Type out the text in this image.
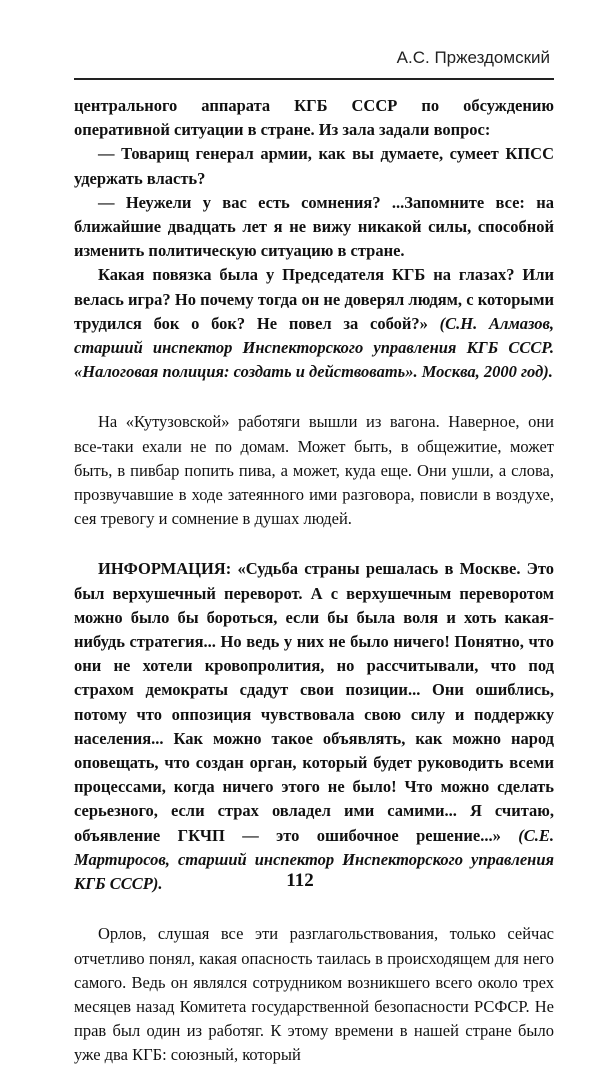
А.С. Пржездомский

центрального аппарата КГБ СССР по обсуждению оперативной ситуации в стране. Из зала задали вопрос:

— Товарищ генерал армии, как вы думаете, сумеет КПСС удержать власть?

— Неужели у вас есть сомнения? ...Запомните все: на ближайшие двадцать лет я не вижу никакой силы, способной изменить политическую ситуацию в стране.

Какая повязка была у Председателя КГБ на глазах? Или велась игра? Но почему тогда он не доверял людям, с которыми трудился бок о бок? Не повел за собой?» (С.Н. Алмазов, старший инспектор Инспекторского управления КГБ СССР. «Налоговая полиция: создать и действовать». Москва, 2000 год).

На «Кутузовской» работяги вышли из вагона. Наверное, они все-таки ехали не по домам. Может быть, в общежитие, может быть, в пивбар попить пива, а может, куда еще. Они ушли, а слова, прозвучавшие в ходе затеянного ими разговора, повисли в воздухе, сея тревогу и сомнение в душах людей.

ИНФОРМАЦИЯ: «Судьба страны решалась в Москве. Это был верхушечный переворот. А с верхушечным переворотом можно было бы бороться, если бы была воля и хоть какая-нибудь стратегия... Но ведь у них не было ничего! Понятно, что они не хотели кровопролития, но рассчитывали, что под страхом демократы сдадут свои позиции... Они ошиблись, потому что оппозиция чувствовала свою силу и поддержку населения... Как можно такое объявлять, как можно народ оповещать, что создан орган, который будет руководить всеми процессами, когда ничего этого не было! Что можно сделать серьезного, если страх овладел ими самими... Я считаю, объявление ГКЧП — это ошибочное решение...» (С.Е. Мартиросов, старший инспектор Инспекторского управления КГБ СССР).

Орлов, слушая все эти разглагольствования, только сейчас отчетливо понял, какая опасность таилась в происходящем для него самого. Ведь он являлся сотрудником возникшего всего около трех месяцев назад Комитета государственной безопасности РСФСР. Не прав был один из работяг. К этому времени в нашей стране было уже два КГБ: союзный, который

112
